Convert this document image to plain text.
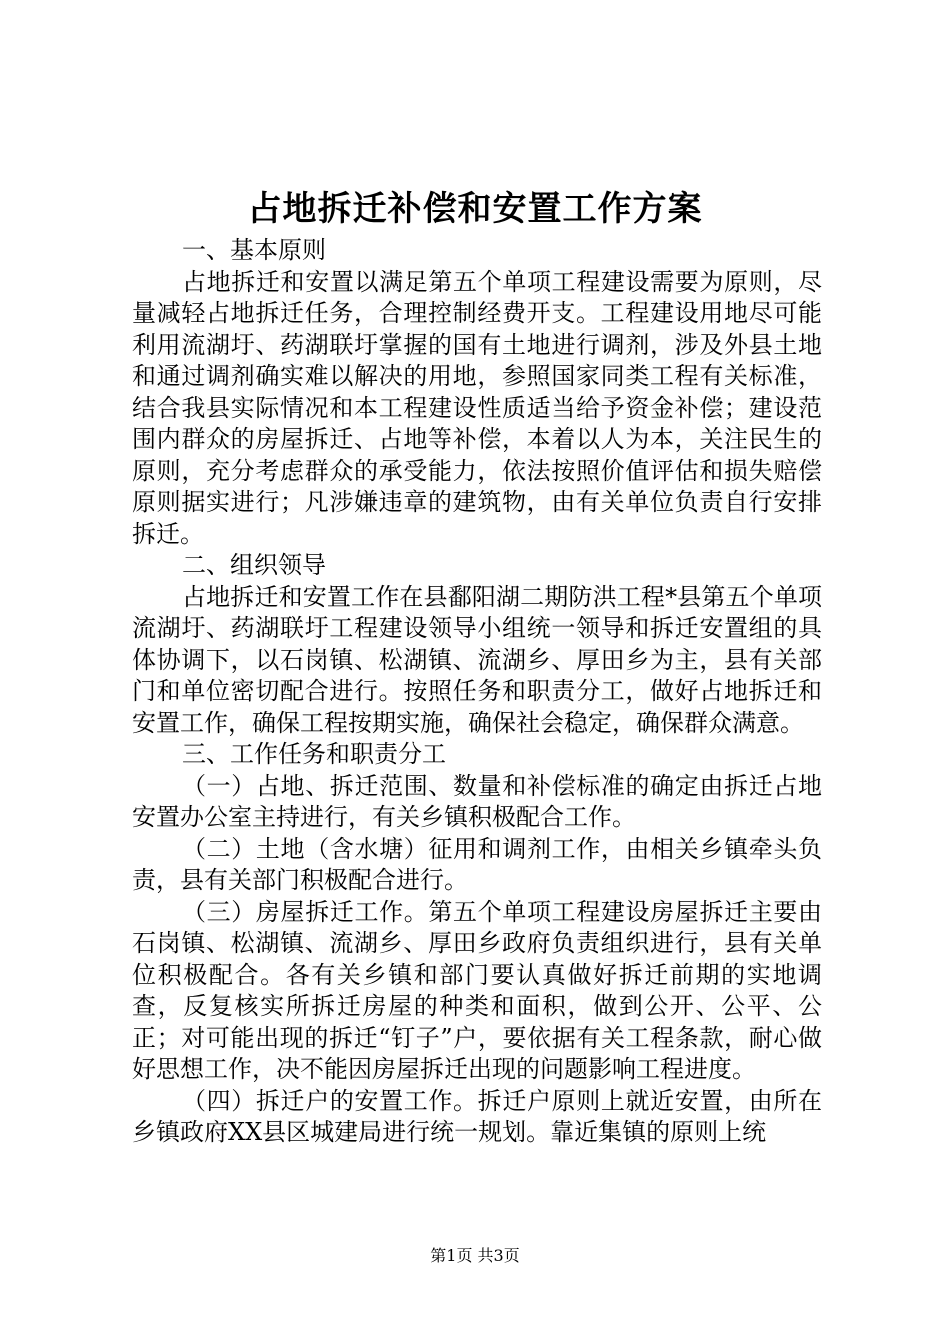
占地拆迁补偿和安置工作方案

一、基本原则

占地拆迁和安置以满足第五个单项工程建设需要为原则，尽量减轻占地拆迁任务，合理控制经费开支。工程建设用地尽可能利用流湖圩、药湖联圩掌握的国有土地进行调剂，涉及外县土地和通过调剂确实难以解决的用地，参照国家同类工程有关标准，结合我县实际情况和本工程建设性质适当给予资金补偿；建设范围内群众的房屋拆迁、占地等补偿，本着以人为本，关注民生的原则，充分考虑群众的承受能力，依法按照价值评估和损失赔偿原则据实进行；凡涉嫌违章的建筑物，由有关单位负责自行安排拆迁。

二、组织领导

占地拆迁和安置工作在县鄱阳湖二期防洪工程*县第五个单项流湖圩、药湖联圩工程建设领导小组统一领导和拆迁安置组的具体协调下，以石岗镇、松湖镇、流湖乡、厚田乡为主，县有关部门和单位密切配合进行。按照任务和职责分工，做好占地拆迁和安置工作，确保工程按期实施，确保社会稳定，确保群众满意。

三、工作任务和职责分工

（一）占地、拆迁范围、数量和补偿标准的确定由拆迁占地安置办公室主持进行，有关乡镇积极配合工作。

（二）土地（含水塘）征用和调剂工作，由相关乡镇牵头负责，县有关部门积极配合进行。

（三）房屋拆迁工作。第五个单项工程建设房屋拆迁主要由石岗镇、松湖镇、流湖乡、厚田乡政府负责组织进行，县有关单位积极配合。各有关乡镇和部门要认真做好拆迁前期的实地调查，反复核实所拆迁房屋的种类和面积，做到公开、公平、公正；对可能出现的拆迁“钉子”户，要依据有关工程条款，耐心做好思想工作，决不能因房屋拆迁出现的问题影响工程进度。

（四）拆迁户的安置工作。拆迁户原则上就近安置，由所在乡镇政府XX县区城建局进行统一规划。靠近集镇的原则上统

第1页 共3页
